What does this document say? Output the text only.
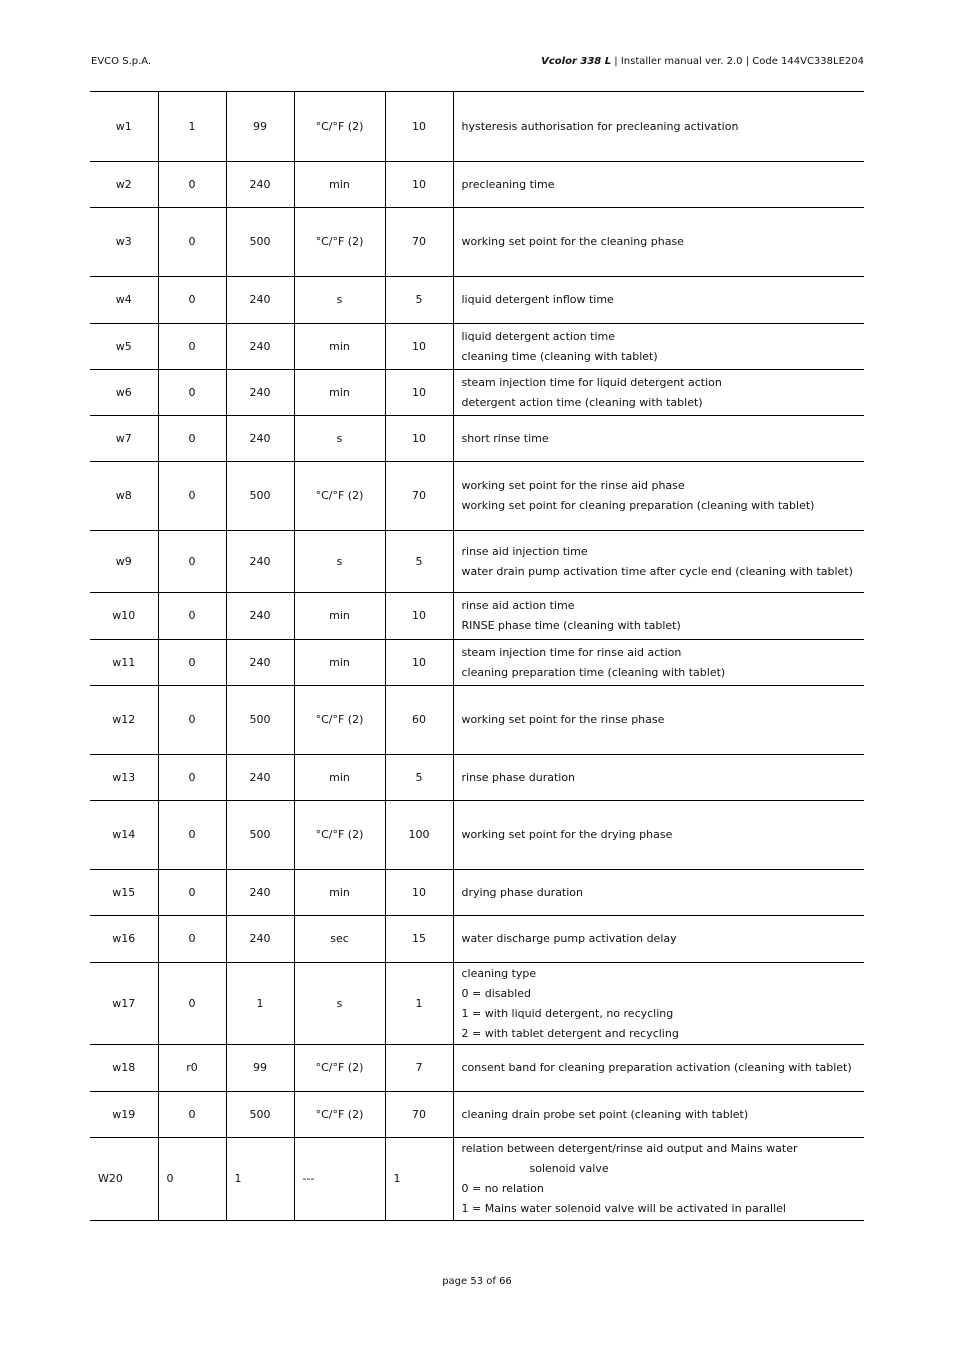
EVCO S.p.A.	Vcolor 338 L | Installer manual ver. 2.0 | Code 144VC338LE204
w1	1	99	°C/°F (2)	10	hysteresis authorisation for precleaning activation

w2	0	240	min	10	precleaning time

w3	0	500	°C/°F (2)	70	working set point for the cleaning phase

w4	0	240	s	5	liquid detergent inflow time

w5	0	240	min	10	liquid detergent action time
cleaning time (cleaning with tablet)

w6	0	240	min	10	steam injection time for liquid detergent action
detergent action time (cleaning with tablet)

w7	0	240	s	10	short rinse time

w8	0	500	°C/°F (2)	70	working set point for the rinse aid phase
working set point for cleaning preparation (cleaning with tablet)

w9	0	240	s	5	rinse aid injection time
water drain pump activation time after cycle end (cleaning with tablet)

w10	0	240	min	10	rinse aid action time
RINSE phase time (cleaning with tablet)

w11	0	240	min	10	steam injection time for rinse aid action
cleaning preparation time (cleaning with tablet)

w12	0	500	°C/°F (2)	60	working set point for the rinse phase

w13	0	240	min	5	rinse phase duration

w14	0	500	°C/°F (2)	100	working set point for the drying phase

w15	0	240	min	10	drying phase duration

w16	0	240	sec	15	water discharge pump activation delay

w17	0	1	s	1	cleaning type
0 = disabled
1 = with liquid detergent, no recycling
2 = with tablet detergent and recycling

w18	r0	99	°C/°F (2)	7	consent band for cleaning preparation activation (cleaning with tablet)

w19	0	500	°C/°F (2)	70	cleaning drain probe set point (cleaning with tablet)

W20	0	1	---	1	relation between detergent/rinse aid output and Mains water
solenoid valve
0 = no relation
1 = Mains water solenoid valve will be activated in parallel
page 53 of 66
